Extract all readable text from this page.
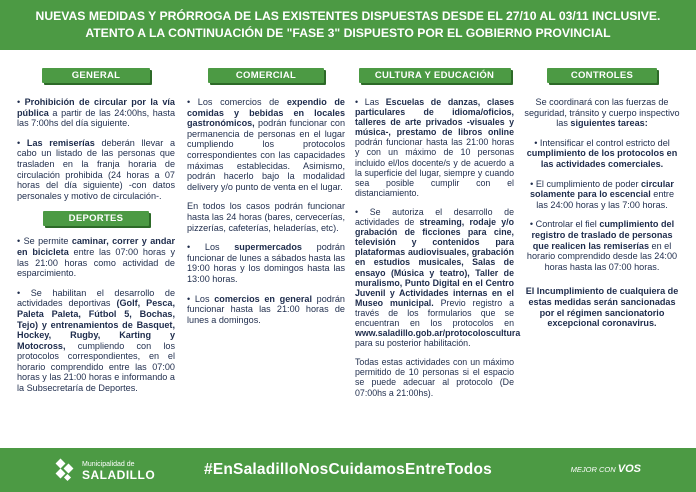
NUEVAS MEDIDAS Y PRÓRROGA DE LAS EXISTENTES DISPUESTAS DESDE EL 27/10 AL 03/11 INCLUSIVE.
ATENTO A LA CONTINUACIÓN DE "FASE 3" DISPUESTO POR EL GOBIERNO PROVINCIAL
GENERAL

• Prohibición de circular por la vía pública a partir de las 24:00hs, hasta las 7:00hs del día siguiente.

• Las remiserías deberán llevar a cabo un listado de las personas que trasladen en la franja horaria de circulación prohibida (24 horas a 07 horas del día siguiente) -con datos personales y motivo de circulación-.

DEPORTES

• Se permite caminar, correr y andar en bicicleta entre las 07:00 horas y las 21:00 horas como actividad de esparcimiento.

• Se habilitan el desarrollo de actividades deportivas (Golf, Pesca, Paleta Paleta, Fútbol 5, Bochas, Tejo) y entrenamientos de Basquet, Hockey, Rugby, Karting y Motocross, cumpliendo con los protocolos correspondientes, en el horario comprendido entre las 07:00 horas y las 21:00 horas e informando a la Subsecretaría de Deportes.

COMERCIAL

• Los comercios de expendio de comidas y bebidas en locales gastronómicos, podrán funcionar con permanencia de personas en el lugar cumpliendo los protocolos correspondientes con las capacidades máximas establecidas. Asimismo, podrán hacerlo bajo la modalidad delivery y/o punto de venta en el lugar.

En todos los casos podrán funcionar hasta las 24 horas (bares, cervecerías, pizzerías, cafeterías, heladerías, etc).

• Los supermercados podrán funcionar de lunes a sábados hasta las 19:00 horas y los domingos hasta las 13:00 horas.

• Los comercios en general podrán funcionar hasta las 21:00 horas de lunes a domingos.

CULTURA Y EDUCACIÓN

• Las Escuelas de danzas, clases particulares de idioma/oficios, talleres de arte privados -visuales y música-, prestamo de libros online podrán funcionar hasta las 21:00 horas y con un máximo de 10 personas incluido el/los docente/s y de acuerdo a la superficie del lugar, siempre y cuando sea posible cumplir con el distanciamiento.

• Se autoriza el desarrollo de actividades de streaming, rodaje y/o grabación de ficciones para cine, televisión y contenidos para plataformas audiovisuales, grabación en estudios musicales, Salas de ensayo (Música y teatro), Taller de muralismo, Punto Digital en el Centro Juvenil y Actividades internas en el Museo municipal. Previo registro a través de los formularios que se encuentran en los protocolos en www.saladillo.gob.ar/protocoloscultura para su posterior habilitación.

Todas estas actividades con un máximo permitido de 10 personas si el espacio se puede adecuar al protocolo (De 07:00hs a 21:00hs).

CONTROLES

Se coordinará con las fuerzas de seguridad, tránsito y cuerpo inspectivo las siguientes tareas:

• Intensificar el control estricto del cumplimiento de los protocolos en las actividades comerciales.

• El cumplimiento de poder circular solamente para lo escencial entre las 24:00 horas y las 7:00 horas.

• Controlar el fiel cumplimiento del registro de traslado de personas que realicen las remiserías en el horario comprendido desde las 24:00 horas hasta las 07:00 horas.

El Incumplimiento de cualquiera de estas medidas serán sancionadas por el régimen sancionatorio excepcional coronavirus.

Municipalidad de
SALADILLO	#EnSaladilloNosCuidamosEntreTodos	MEJOR CON VOS
